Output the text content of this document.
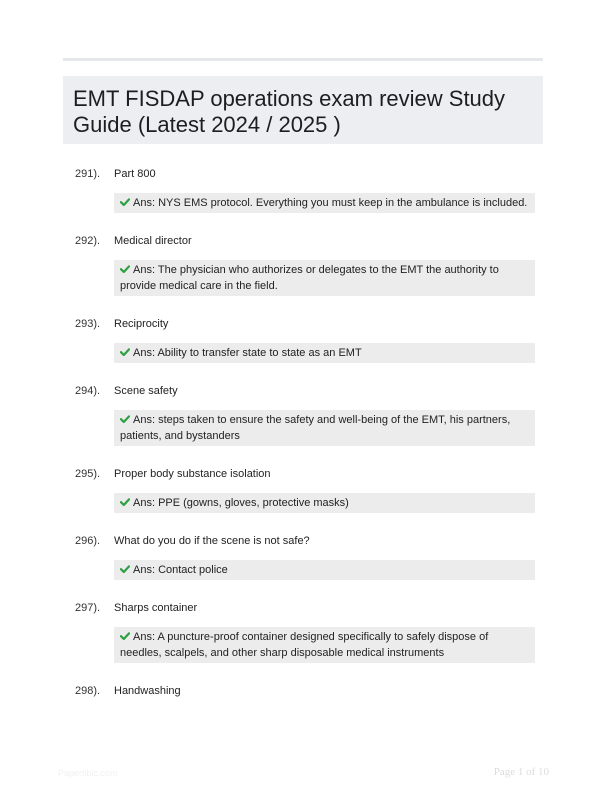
EMT FISDAP operations exam review Study Guide (Latest 2024 / 2025 )
291).	Part 800
Ans: NYS EMS protocol. Everything you must keep in the ambulance is included.
292).	Medical director
Ans: The physician who authorizes or delegates to the EMT the authority to provide medical care in the field.
293).	Reciprocity
Ans: Ability to transfer state to state as an EMT
294).	Scene safety
Ans: steps taken to ensure the safety and well-being of the EMT, his partners, patients, and bystanders
295).	Proper body substance isolation
Ans: PPE (gowns, gloves, protective masks)
296).	What do you do if the scene is not safe?
Ans: Contact police
297).	Sharps container
Ans: A puncture-proof container designed specifically to safely dispose of needles, scalpels, and other sharp disposable medical instruments
298).	Handwashing
Papertibic.com	Page 1 of 10
